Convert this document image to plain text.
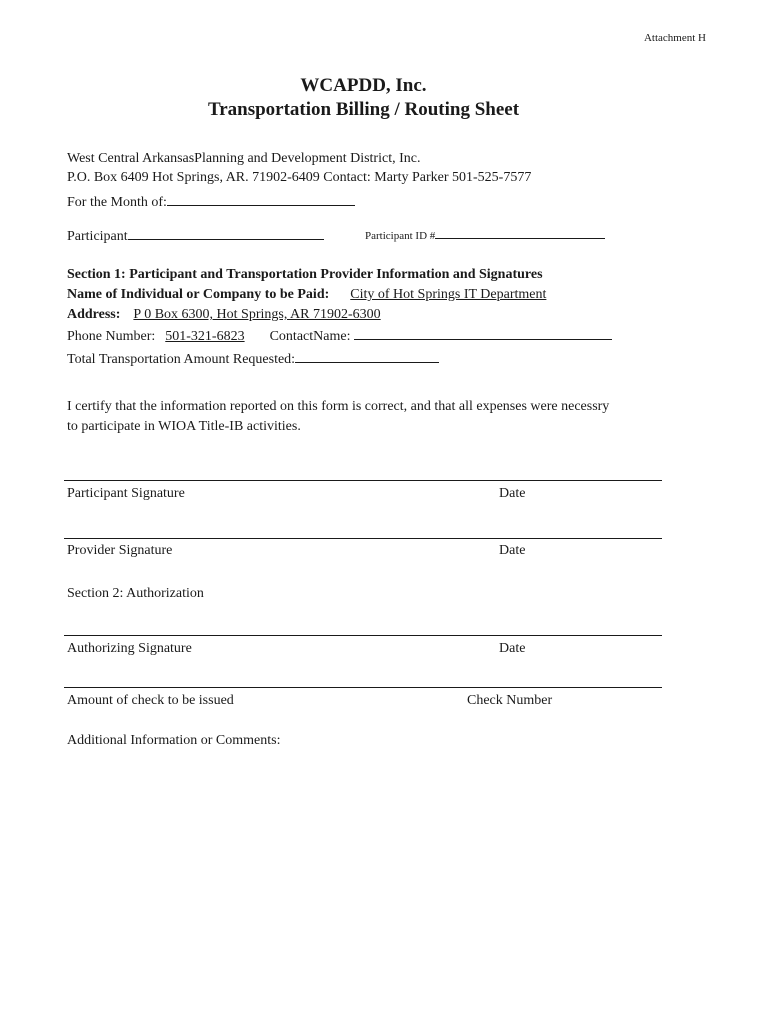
Attachment H
WCAPDD, Inc.
Transportation Billing / Routing Sheet
West Central ArkansasPlanning and Development District, Inc.
P.O. Box 6409 Hot Springs, AR. 71902-6409 Contact: Marty Parker 501-525-7577
For the Month of:
Participant	Participant ID #
Section 1: Participant and Transportation Provider Information and Signatures
Name of Individual or Company to be Paid: City of Hot Springs IT Department
Address: P 0 Box 6300, Hot Springs, AR 71902-6300
Phone Number: 501-321-6823 ContactName:
Total Transportation Amount Requested:
I certify that the information reported on this form is correct, and that all expenses were necessry
to participate in WIOA Title-IB activities.
Participant Signature	Date
Provider Signature	Date
Section 2: Authorization
Authorizing Signature	Date
Amount of check to be issued	Check Number
Additional Information or Comments:
